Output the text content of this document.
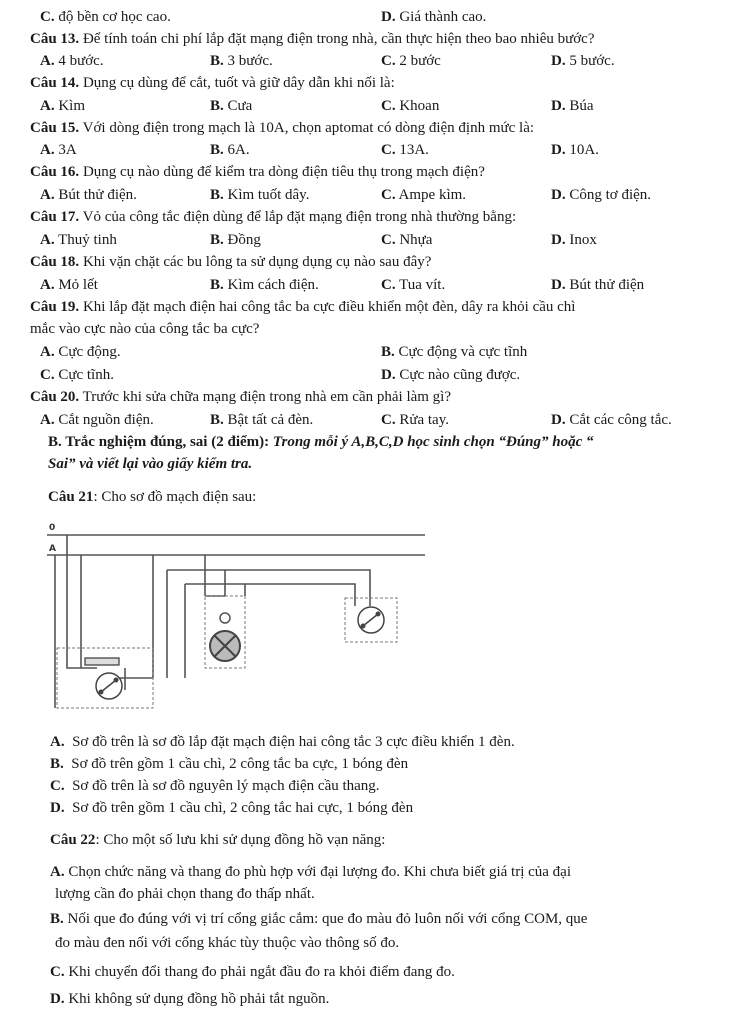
C. độ bền cơ học cao.	D. Giá thành cao.
Câu 13. Để tính toán chi phí lắp đặt mạng điện trong nhà, cần thực hiện theo bao nhiêu bước?
A. 4 bước.	B. 3 bước.	C. 2 bước	D. 5 bước.
Câu 14. Dụng cụ dùng để cắt, tuốt và giữ dây dẫn khi nối là:
A. Kìm	B. Cưa	C. Khoan	D. Búa
Câu 15. Với dòng điện trong mạch là 10A, chọn aptomat có dòng điện định mức là:
A. 3A	B. 6A.	C. 13A.	D. 10A.
Câu 16. Dụng cụ nào dùng để kiểm tra dòng điện tiêu thụ trong mạch điện?
A. Bút thử điện.	B. Kìm tuốt dây.	C. Ampe kìm.	D. Công tơ điện.
Câu 17. Vỏ của công tắc điện dùng để lắp đặt mạng điện trong nhà thường bằng:
A. Thuỷ tinh	B. Đồng	C. Nhựa	D. Inox
Câu 18. Khi vặn chặt các bu lông ta sử dụng dụng cụ nào sau đây?
A. Mỏ lết	B. Kìm cách điện.	C. Tua vít.	D. Bút thử điện
Câu 19. Khi lắp đặt mạch điện hai công tắc ba cực điều khiển một đèn, dây ra khỏi cầu chì
mắc vào cực nào của công tắc ba cực?
A. Cực động.	B. Cực động và cực tĩnh
C. Cực tĩnh.	D. Cực nào cũng được.
Câu 20. Trước khi sửa chữa mạng điện trong nhà em cần phải làm gì?
A. Cắt nguồn điện.	B. Bật tất cả đèn.	C. Rửa tay.	D. Cắt các công tắc.
B. Trắc nghiệm đúng, sai (2 điểm): Trong mỗi ý A,B,C,D học sinh chọn “Đúng” hoặc “
Sai” và viết lại vào giấy kiểm tra.
Câu 21: Cho sơ đồ mạch điện sau:
0
A
A. Sơ đồ trên là sơ đồ lắp đặt mạch điện hai công tắc 3 cực điều khiển 1 đèn.
B. Sơ đồ trên gồm 1 cầu chì, 2 công tắc ba cực, 1 bóng đèn
C. Sơ đồ trên là sơ đồ nguyên lý mạch điện cầu thang.
D. Sơ đồ trên gồm 1 cầu chì, 2 công tắc hai cực, 1 bóng đèn
Câu 22: Cho một số lưu khi sử dụng đồng hồ vạn năng:
A. Chọn chức năng và thang đo phù hợp với đại lượng đo. Khi chưa biết giá trị của đại
lượng cần đo phải chọn thang đo thấp nhất.
B. Nối que đo đúng với vị trí cổng giắc cắm: que đo màu đỏ luôn nối với cổng COM, que
đo màu đen nối với cổng khác tùy thuộc vào thông số đo.
C. Khi chuyển đổi thang đo phải ngắt đầu đo ra khỏi điểm đang đo.
D. Khi không sử dụng đồng hồ phải tắt nguồn.
